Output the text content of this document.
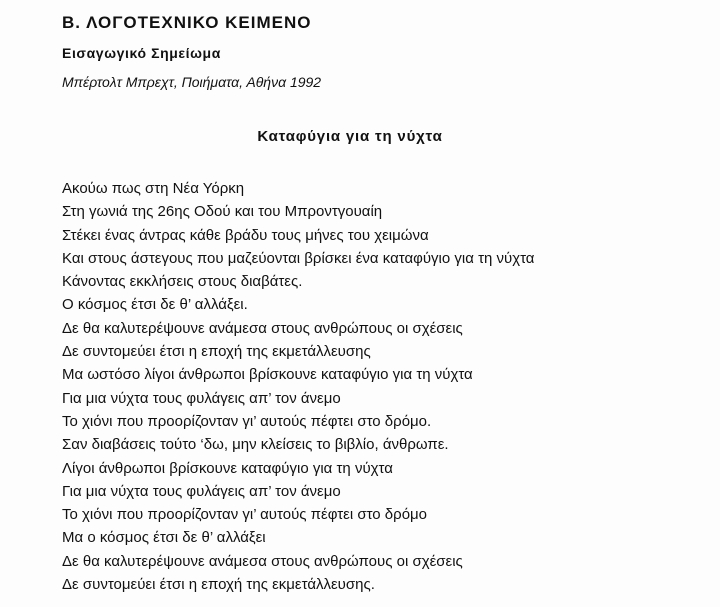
Β. ΛΟΓΟΤΕΧΝΙΚΟ ΚΕΙΜΕΝΟ
Εισαγωγικό Σημείωμα
Μπέρτολτ Μπρεχτ, Ποιήματα, Αθήνα 1992
Καταφύγια για τη νύχτα
Ακούω πως στη Νέα Υόρκη
Στη γωνιά της 26ης Οδού και του Μπροντγουαίη
Στέκει ένας άντρας κάθε βράδυ τους μήνες του χειμώνα
Και στους άστεγους που μαζεύονται βρίσκει ένα καταφύγιο για τη νύχτα
Κάνοντας εκκλήσεις στους διαβάτες.
Ο κόσμος έτσι δε θ’ αλλάξει.
Δε θα καλυτερέψουνε ανάμεσα στους ανθρώπους οι σχέσεις
Δε συντομεύει έτσι η εποχή της εκμετάλλευσης
Μα ωστόσο λίγοι άνθρωποι βρίσκουνε καταφύγιο για τη νύχτα
Για μια νύχτα τους φυλάγεις απ’ τον άνεμο
Το χιόνι που προορίζονταν γι’ αυτούς πέφτει στο δρόμο.
Σαν διαβάσεις τούτο ‘δω, μην κλείσεις το βιβλίο, άνθρωπε.
Λίγοι άνθρωποι βρίσκουνε καταφύγιο για τη νύχτα
Για μια νύχτα τους φυλάγεις απ’ τον άνεμο
Το χιόνι που προορίζονταν γι’ αυτούς πέφτει στο δρόμο
Μα ο κόσμος έτσι δε θ’ αλλάξει
Δε θα καλυτερέψουνε ανάμεσα στους ανθρώπους οι σχέσεις
Δε συντομεύει έτσι η εποχή της εκμετάλλευσης.
